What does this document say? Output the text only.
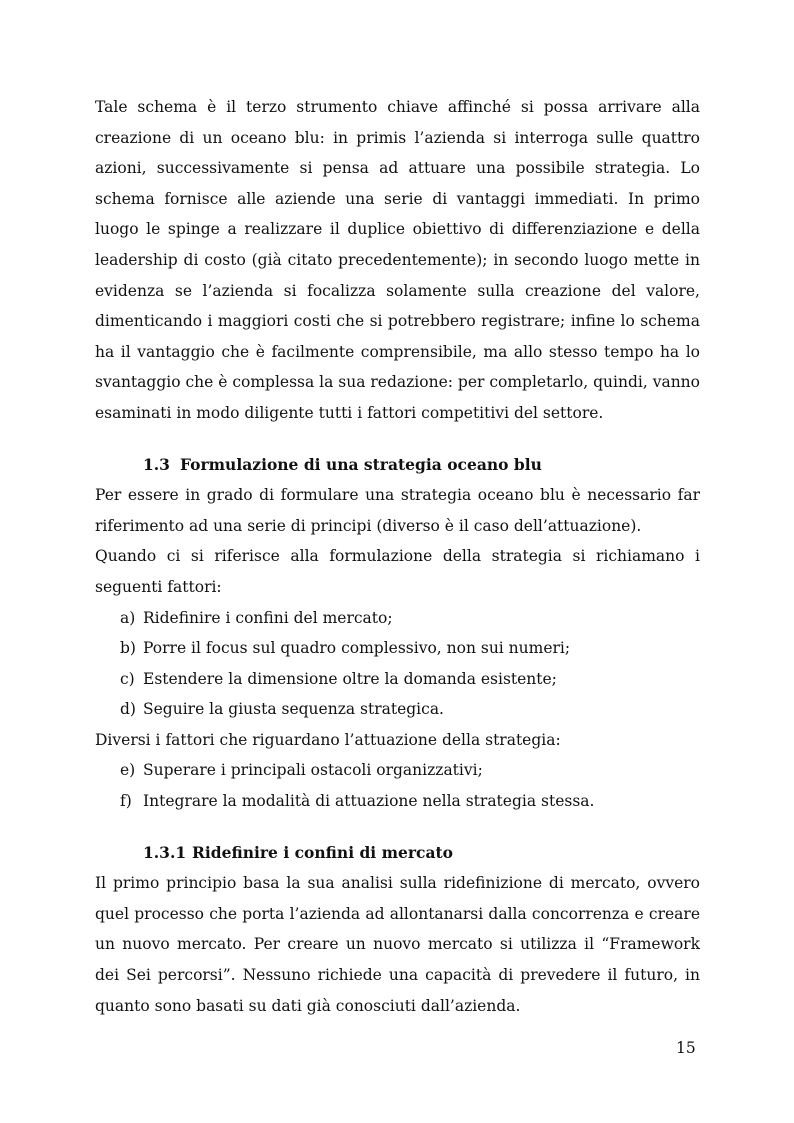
Tale schema è il terzo strumento chiave affinché si possa arrivare alla creazione di un oceano blu: in primis l’azienda si interroga sulle quattro azioni, successivamente si pensa ad attuare una possibile strategia. Lo schema fornisce alle aziende una serie di vantaggi immediati. In primo luogo le spinge a realizzare il duplice obiettivo di differenziazione e della leadership di costo (già citato precedentemente); in secondo luogo mette in evidenza se l’azienda si focalizza solamente sulla creazione del valore, dimenticando i maggiori costi che si potrebbero registrare; infine lo schema ha il vantaggio che è facilmente comprensibile, ma allo stesso tempo ha lo svantaggio che è complessa la sua redazione: per completarlo, quindi, vanno esaminati in modo diligente tutti i fattori competitivi del settore.

1.3 Formulazione di una strategia oceano blu

Per essere in grado di formulare una strategia oceano blu è necessario far riferimento ad una serie di principi (diverso è il caso dell’attuazione).

Quando ci si riferisce alla formulazione della strategia si richiamano i seguenti fattori:

a) Ridefinire i confini del mercato;
b) Porre il focus sul quadro complessivo, non sui numeri;
c) Estendere la dimensione oltre la domanda esistente;
d) Seguire la giusta sequenza strategica.

Diversi i fattori che riguardano l’attuazione della strategia:

e) Superare i principali ostacoli organizzativi;
f) Integrare la modalità di attuazione nella strategia stessa.
1.3.1 Ridefinire i confini di mercato

Il primo principio basa la sua analisi sulla ridefinizione di mercato, ovvero quel processo che porta l’azienda ad allontanarsi dalla concorrenza e creare un nuovo mercato. Per creare un nuovo mercato si utilizza il “Framework dei Sei percorsi”. Nessuno richiede una capacità di prevedere il futuro, in quanto sono basati su dati già conosciuti dall’azienda.

15
